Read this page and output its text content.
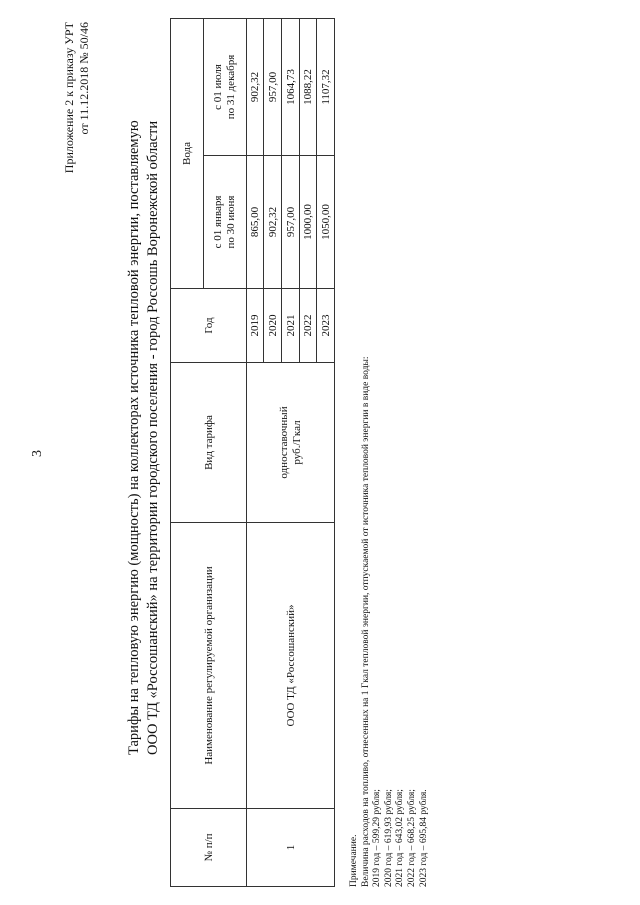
3
Приложение 2 к приказу УРТ от 11.12.2018 № 50/46
Тарифы на тепловую энергию (мощность) на коллекторах источника тепловой энергии, поставляемую ООО ТД «Россошанский» на территории городского поселения - город Россошь Воронежской области
№ п/п	Наименование регулируемой организации	Вид тарифа	Год	Вода	

				с 01 января по 30 июня	с 01 июля по 31 декабря

1	ООО ТД «Россошанский»	одноставочный руб./Гкал	2019	865,00	902,32
			2020	902,32	957,00
			2021	957,00	1064,73
			2022	1000,00	1088,22
			2023	1050,00	1107,32
Примечание. Величина расходов на топливо, отнесенных на 1 Гкал тепловой энергии, отпускаемой от источника тепловой энергии в виде воды: 2019 год – 599,29 рубля; 2020 год – 619,93 рубля; 2021 год – 643,02 рубля; 2022 год – 668,25 рубля; 2023 год – 695,84 рубля.
